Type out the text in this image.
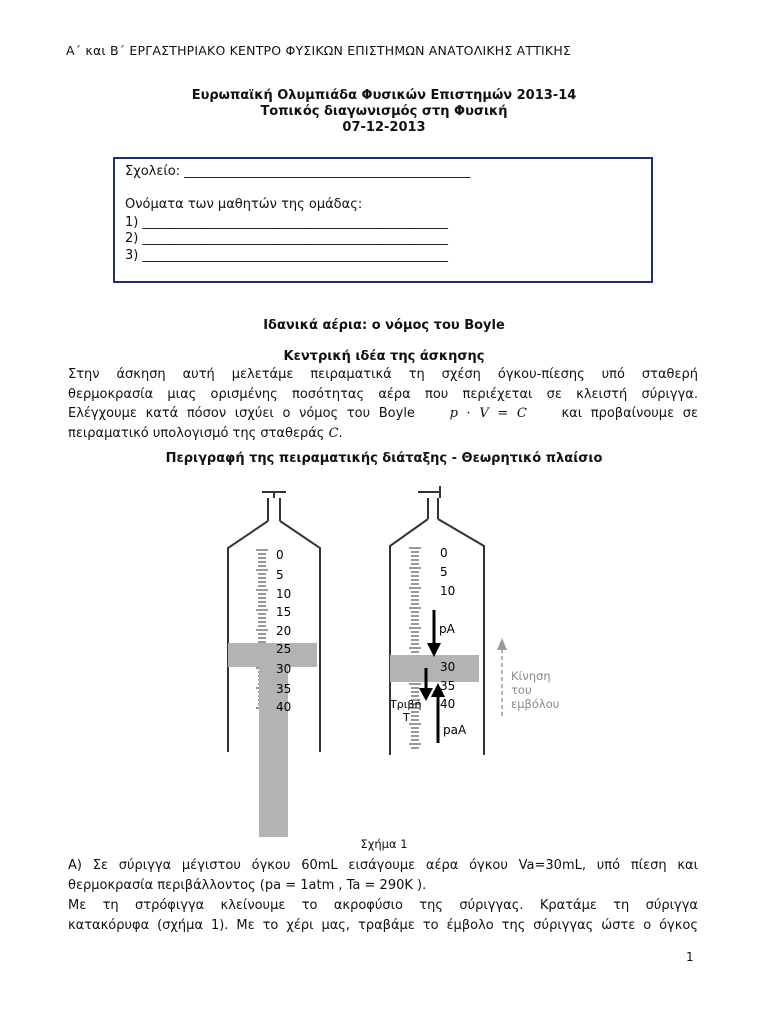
Α΄ και Β΄ ΕΡΓΑΣΤΗΡΙΑΚΟ ΚΕΝΤΡΟ ΦΥΣΙΚΩΝ ΕΠΙΣΤΗΜΩΝ ΑΝΑΤΟΛΙΚΗΣ ΑΤΤΙΚΗΣ
Ευρωπαϊκή Ολυμπιάδα Φυσικών Επιστημών 2013-14
Τοπικός διαγωνισμός στη Φυσική
07-12-2013
Σχολείο: ____________________________________________
Ονόματα των μαθητών της ομάδας:
1) _______________________________________________
2) _______________________________________________
3) _______________________________________________
Ιδανικά αέρια: ο νόμος του Boyle
Κεντρική ιδέα της άσκησης
Στην άσκηση αυτή μελετάμε πειραματικά τη σχέση όγκου-πίεσης υπό σταθερή
θερμοκρασία μιας ορισμένης ποσότητας αέρα που περιέχεται σε κλειστή σύριγγα.
Ελέγχουμε κατά πόσον ισχύει ο νόμος του Boyle	p · V = C	και προβαίνουμε σε
πειραματικό υπολογισμό της σταθεράς C.
Περιγραφή της πειραματικής διάταξης - Θεωρητικό πλαίσιο
0
5
10
15
20
25
30
35
40
0
5
10
30
35
40
pA
Τριβή
T
paA
Κίνηση
του
εμβόλου
Σχήμα 1
Α) Σε σύριγγα μέγιστου όγκου 60mL εισάγουμε αέρα όγκου Va=30mL, υπό πίεση και
θερμοκρασία περιβάλλοντος (pa = 1atm , Ta = 290K ).
Με τη στρόφιγγα κλείνουμε το ακροφύσιο της σύριγγας. Κρατάμε τη σύριγγα
κατακόρυφα (σχήμα 1). Με το χέρι μας, τραβάμε το έμβολο της σύριγγας ώστε ο όγκος
1
